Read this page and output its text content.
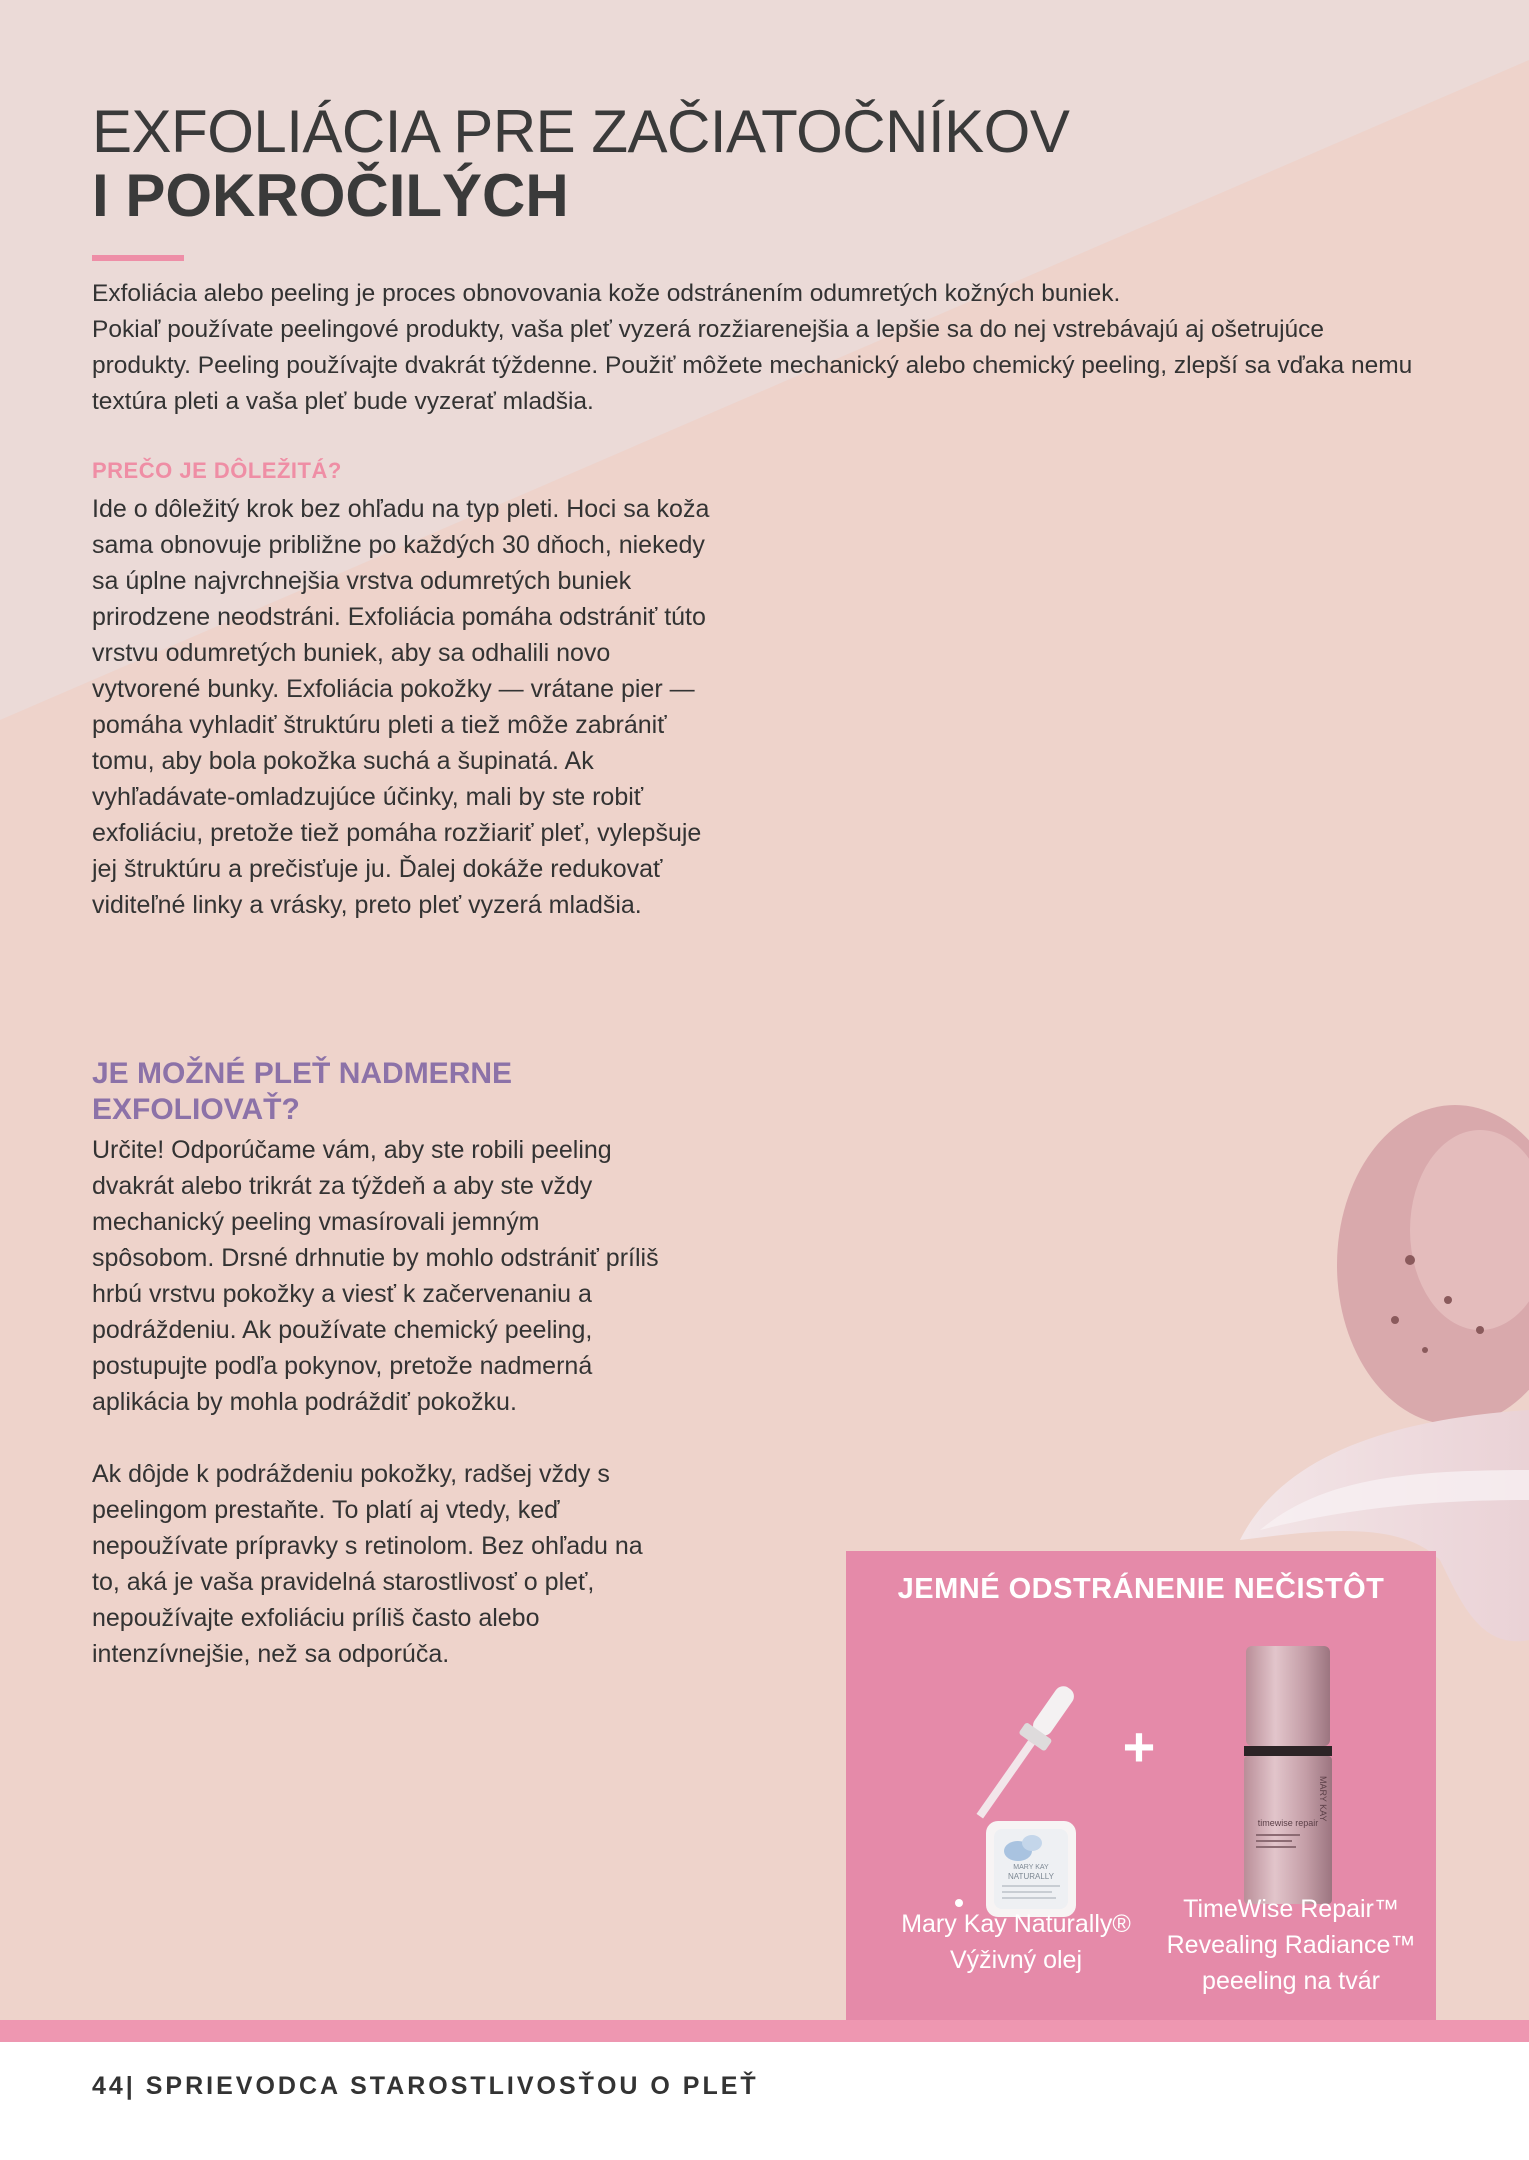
EXFOLIÁCIA PRE ZAČIATOČNÍKOV
I POKROČILÝCH

Exfoliácia alebo peeling je proces obnovovania kože odstránením odumretých kožných buniek.

Pokiaľ používate peelingové produkty, vaša pleť vyzerá rozžiarenejšia a lepšie sa do nej vstrebávajú aj ošetrujúce produkty. Peeling používajte dvakrát týždenne. Použiť môžete mechanický alebo chemický peeling, zlepší sa vďaka nemu textúra pleti a vaša pleť bude vyzerať mladšia.

PREČO JE DÔLEŽITÁ?

Ide o dôležitý krok bez ohľadu na typ pleti. Hoci sa koža sama obnovuje približne po každých 30 dňoch, niekedy sa úplne najvrchnejšia vrstva odumretých buniek prirodzene neodstráni. Exfoliácia pomáha odstrániť túto vrstvu odumretých buniek, aby sa odhalili novo vytvorené bunky. Exfoliácia pokožky — vrátane pier — pomáha vyhladiť štruktúru pleti a tiež môže zabrániť tomu, aby bola pokožka suchá a šupinatá. Ak vyhľadávate-omladzujúce účinky, mali by ste robiť exfoliáciu, pretože tiež pomáha rozžiariť pleť, vylepšuje jej štruktúru a prečisťuje ju. Ďalej dokáže redukovať viditeľné linky a vrásky, preto pleť vyzerá mladšia.

JE MOŽNÉ PLEŤ NADMERNE EXFOLIOVAŤ?

Určite! Odporúčame vám, aby ste robili peeling dvakrát alebo trikrát za týždeň a aby ste vždy mechanický peeling vmasírovali jemným spôsobom. Drsné drhnutie by mohlo odstrániť príliš hrbú vrstvu pokožky a viesť k začervenaniu a podráždeniu. Ak používate chemický peeling, postupujte podľa pokynov, pretože nadmerná aplikácia by mohla podráždiť pokožku.

Ak dôjde k podráždeniu pokožky, radšej vždy s peelingom prestaňte. To platí aj vtedy, keď nepoužívate prípravky s retinolom. Bez ohľadu na to, aká je vaša pravidelná starostlivosť o pleť, nepoužívajte exfoliáciu príliš často alebo intenzívnejšie, než sa odporúča.

JEMNÉ ODSTRÁNENIE NEČISTÔT
MARY KAY
NATURALLY
+
timewise repair
MARY KAY
Mary Kay Naturally®
Výživný olej
TimeWise Repair™
Revealing Radiance™
peeeling na tvár
44| SPRIEVODCA STAROSTLIVOSŤOU O PLEŤ
